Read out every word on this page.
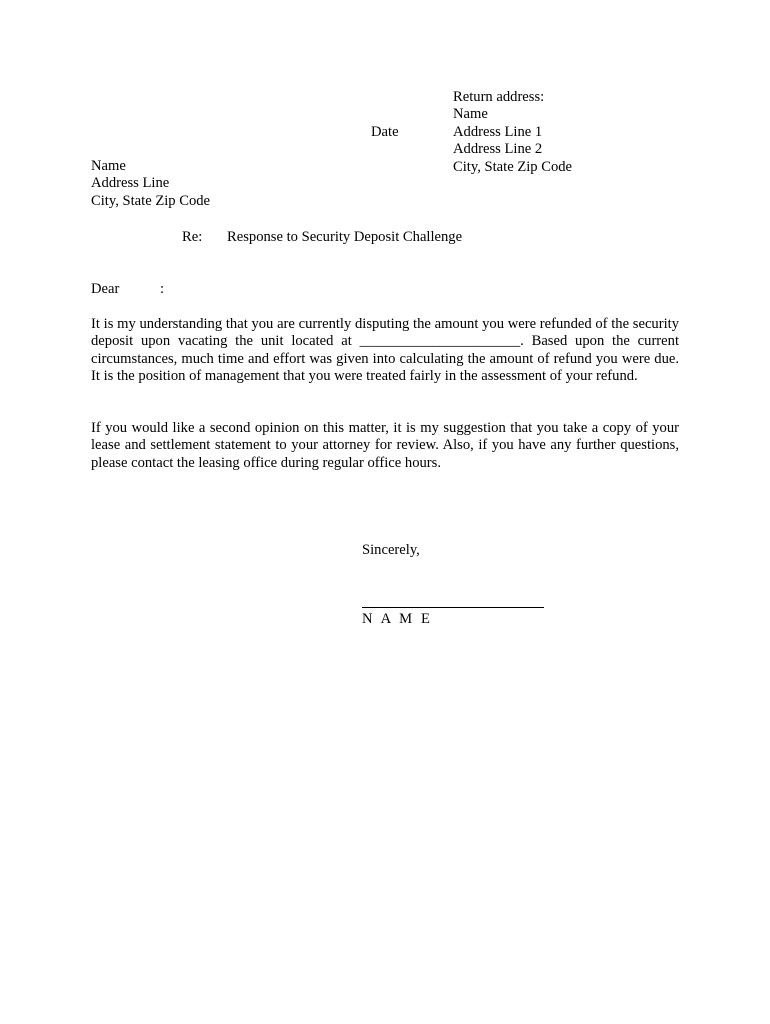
Return address:
Name
Address Line 1
Address Line 2
City, State Zip Code
Date
Name
Address Line
City, State Zip Code
Re: Response to Security Deposit Challenge
Dear	:
It is my understanding that you are currently disputing the amount you were refunded of the security deposit upon vacating the unit located at ______________________. Based upon the current circumstances, much time and effort was given into calculating the amount of refund you were due. It is the position of management that you were treated fairly in the assessment of your refund.
If you would like a second opinion on this matter, it is my suggestion that you take a copy of your lease and settlement statement to your attorney for review. Also, if you have any further questions, please contact the leasing office during regular office hours.
Sincerely,
N A M E
